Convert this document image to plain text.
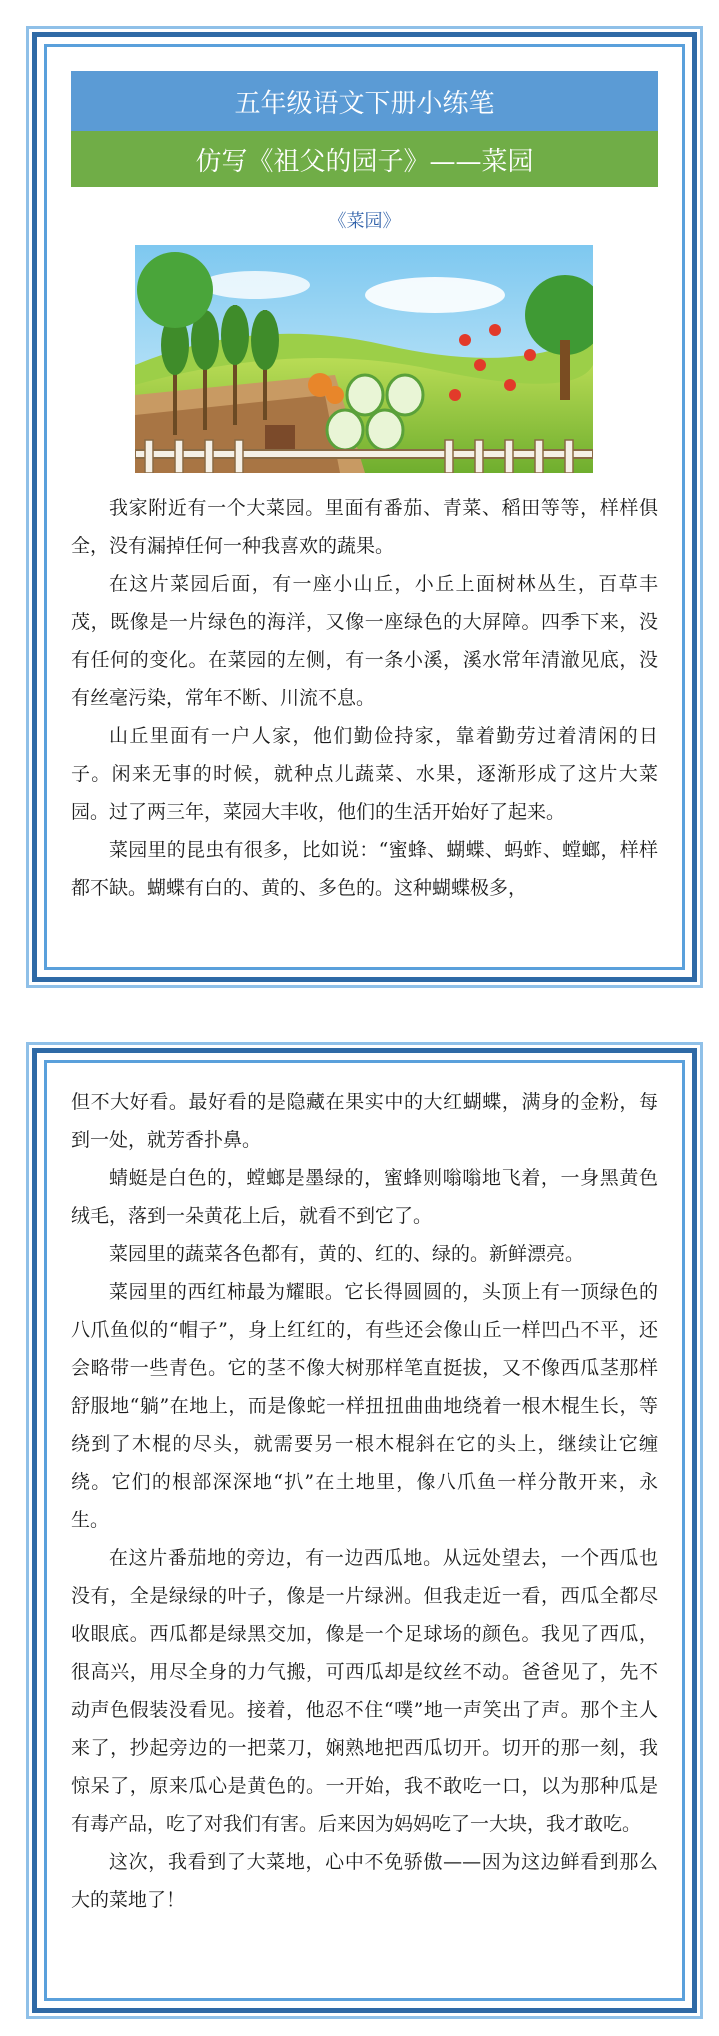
五年级语文下册小练笔
仿写《祖父的园子》——菜园
《菜园》

我家附近有一个大菜园。里面有番茄、青菜、稻田等等，样样俱全，没有漏掉任何一种我喜欢的蔬果。

在这片菜园后面，有一座小山丘，小丘上面树林丛生，百草丰茂，既像是一片绿色的海洋，又像一座绿色的大屏障。四季下来，没有任何的变化。在菜园的左侧，有一条小溪，溪水常年清澈见底，没有丝毫污染，常年不断、川流不息。

山丘里面有一户人家，他们勤俭持家，靠着勤劳过着清闲的日子。闲来无事的时候，就种点儿蔬菜、水果，逐渐形成了这片大菜园。过了两三年，菜园大丰收，他们的生活开始好了起来。

菜园里的昆虫有很多，比如说：“蜜蜂、蝴蝶、蚂蚱、螳螂，样样都不缺。蝴蝶有白的、黄的、多色的。这种蝴蝶极多，

但不大好看。最好看的是隐藏在果实中的大红蝴蝶，满身的金粉，每到一处，就芳香扑鼻。

蜻蜓是白色的，螳螂是墨绿的，蜜蜂则嗡嗡地飞着，一身黑黄色绒毛，落到一朵黄花上后，就看不到它了。

菜园里的蔬菜各色都有，黄的、红的、绿的。新鲜漂亮。

菜园里的西红柿最为耀眼。它长得圆圆的，头顶上有一顶绿色的八爪鱼似的“帽子”，身上红红的，有些还会像山丘一样凹凸不平，还会略带一些青色。它的茎不像大树那样笔直挺拔，又不像西瓜茎那样舒服地“躺”在地上，而是像蛇一样扭扭曲曲地绕着一根木棍生长，等绕到了木棍的尽头，就需要另一根木棍斜在它的头上，继续让它缠绕。它们的根部深深地“扒”在土地里，像八爪鱼一样分散开来，永生。

在这片番茄地的旁边，有一边西瓜地。从远处望去，一个西瓜也没有，全是绿绿的叶子，像是一片绿洲。但我走近一看，西瓜全都尽收眼底。西瓜都是绿黑交加，像是一个足球场的颜色。我见了西瓜，很高兴，用尽全身的力气搬，可西瓜却是纹丝不动。爸爸见了，先不动声色假装没看见。接着，他忍不住“噗”地一声笑出了声。那个主人来了，抄起旁边的一把菜刀，娴熟地把西瓜切开。切开的那一刻，我惊呆了，原来瓜心是黄色的。一开始，我不敢吃一口，以为那种瓜是有毒产品，吃了对我们有害。后来因为妈妈吃了一大块，我才敢吃。

这次，我看到了大菜地，心中不免骄傲——因为这边鲜看到那么大的菜地了！
